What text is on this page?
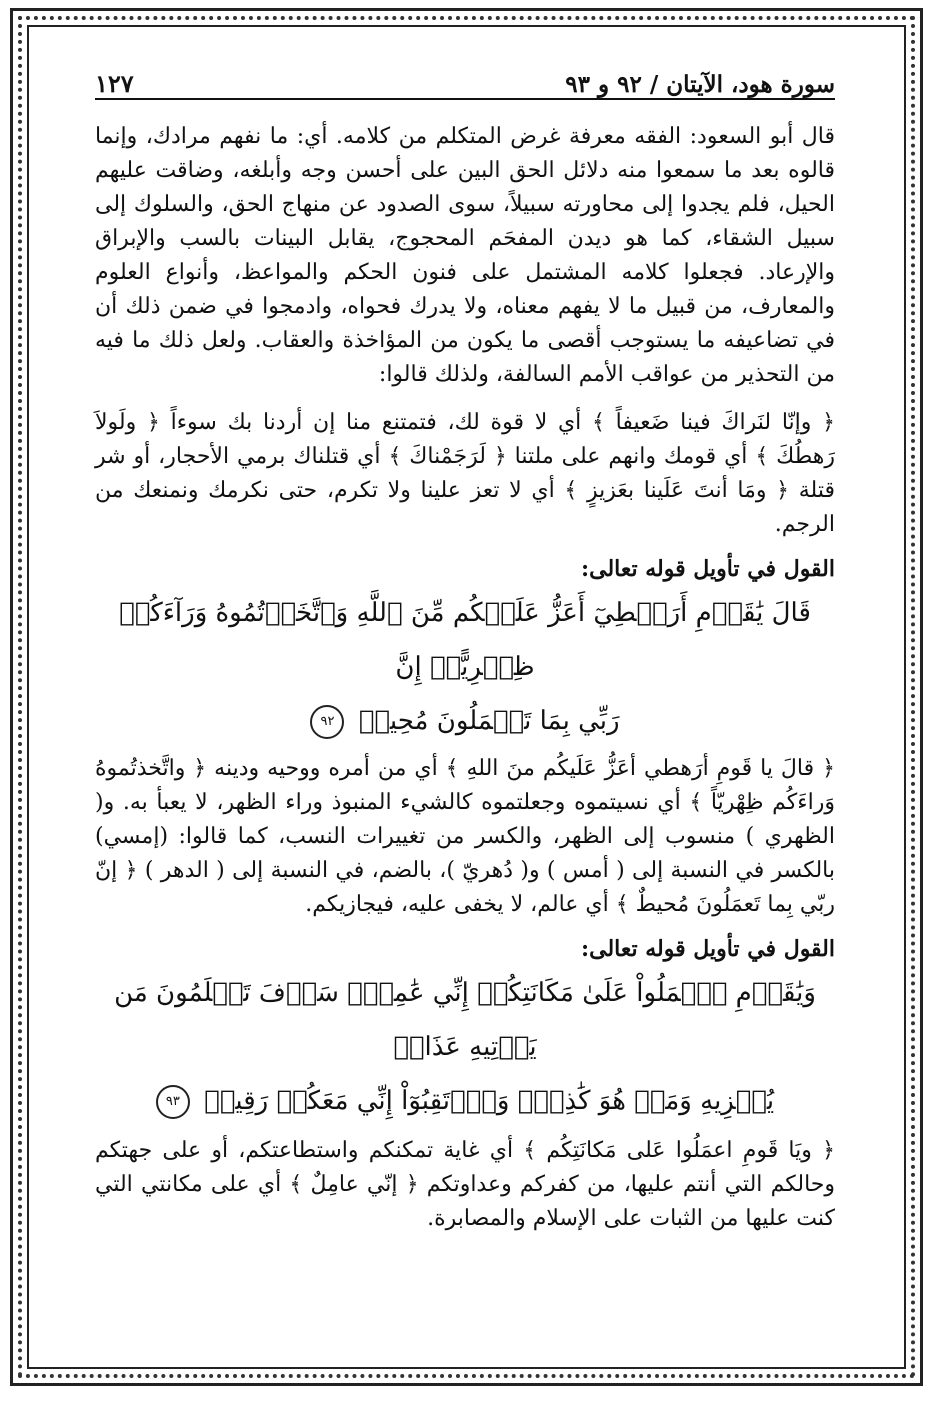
سورة هود، الآيتان / ٩٢ و ٩٣
١٢٧

قال أبو السعود: الفقه معرفة غرض المتكلم من كلامه. أي: ما نفهم مرادك، وإنما قالوه بعد ما سمعوا منه دلائل الحق البين على أحسن وجه وأبلغه، وضاقت عليهم الحيل، فلم يجدوا إلى محاورته سبيلاً، سوى الصدود عن منهاج الحق، والسلوك إلى سبيل الشقاء، كما هو ديدن المفحَم المحجوج، يقابل البينات بالسب والإبراق والإرعاد. فجعلوا كلامه المشتمل على فنون الحكم والمواعظ، وأنواع العلوم والمعارف، من قبيل ما لا يفهم معناه، ولا يدرك فحواه، وادمجوا في ضمن ذلك أن في تضاعيفه ما يستوجب أقصى ما يكون من المؤاخذة والعقاب. ولعل ذلك ما فيه من التحذير من عواقب الأمم السالفة، ولذلك قالوا:

﴿ وإنّا لنَراكَ فينا ضَعيفاً ﴾ أي لا قوة لك، فتمتنع منا إن أردنا بك سوءاً ﴿ ولَولاَ رَهطُكَ ﴾ أي قومك وانهم على ملتنا ﴿ لَرَجَمْناكَ ﴾ أي قتلناك برمي الأحجار، أو شر قتلة ﴿ ومَا أنتَ عَلَينا بعَزيزٍ ﴾ أي لا تعز علينا ولا تكرم، حتى نكرمك ونمنعك من الرجم.

القول في تأويل قوله تعالى:

قَالَ يَٰقَوۡمِ أَرَهۡطِيٓ أَعَزُّ عَلَيۡكُم مِّنَ ٱللَّهِ وَٱتَّخَذۡتُمُوهُ وَرَآءَكُمۡ ظِهۡرِيًّاۖ إِنَّ

رَبِّي بِمَا تَعۡمَلُونَ مُحِيطٞ ٩٢

﴿ قالَ يا قَومِ أرَهطي أعَزُّ عَلَيكُم منَ اللهِ ﴾ أي من أمره ووحيه ودينه ﴿ واتَّخذتُموهُ وَراءَكُم ظِهْريّاً ﴾ أي نسيتموه وجعلتموه كالشيء المنبوذ وراء الظهر، لا يعبأ به. و( الظهري ) منسوب إلى الظهر، والكسر من تغييرات النسب، كما قالوا: (إمسي) بالكسر في النسبة إلى ( أمس ) و( دُهريّ )، بالضم، في النسبة إلى ( الدهر ) ﴿ إنّ ربّي بِما تَعمَلُونَ مُحيطٌ ﴾ أي عالم، لا يخفى عليه، فيجازيكم.

القول في تأويل قوله تعالى:

وَيَٰقَوۡمِ ٱعۡمَلُواْ عَلَىٰ مَكَانَتِكُمۡ إِنِّي عَٰمِلٞۖ سَوۡفَ تَعۡلَمُونَ مَن يَأۡتِيهِ عَذَابٞ

يُخۡزِيهِ وَمَنۡ هُوَ كَٰذِبٞۖ وَٱرۡتَقِبُوٓاْ إِنِّي مَعَكُمۡ رَقِيبٞ ٩٣

﴿ ويَا قَومِ اعمَلُوا عَلى مَكانَتِكُم ﴾ أي غاية تمكنكم واستطاعتكم، أو على جهتكم وحالكم التي أنتم عليها، من كفركم وعداوتكم ﴿ إنّي عامِلٌ ﴾ أي على مكانتي التي كنت عليها من الثبات على الإسلام والمصابرة.
